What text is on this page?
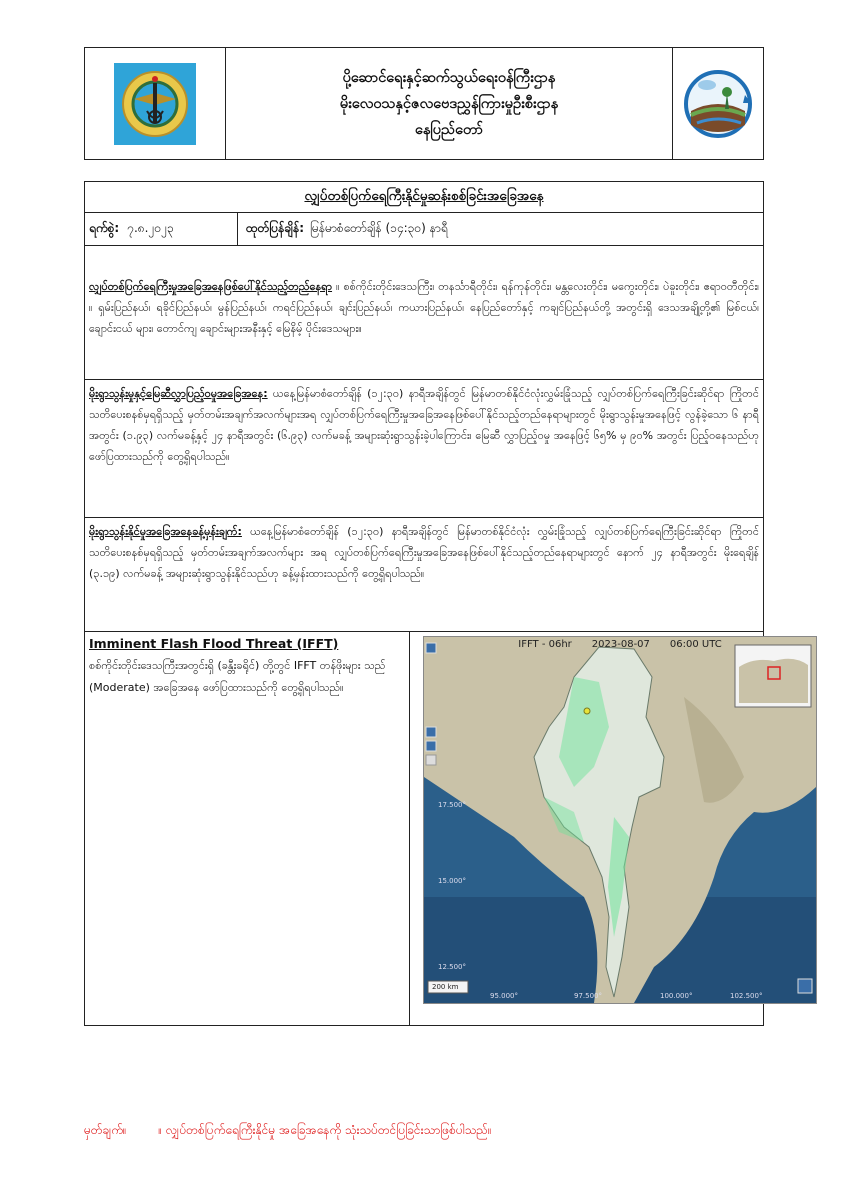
ပို့ဆောင်ရေးနှင့်ဆက်သွယ်ရေးဝန်ကြီးဌာန
မိုးလေဝသနှင့်ဇလဗေဒညွှန်ကြားမှုဦးစီးဌာန
နေပြည်တော်
လျှပ်တစ်ပြက်ရေကြီးနိုင်မှုဆန်းစစ်ခြင်းအခြေအနေ
ရက်စွဲ: ၇.၈.၂၀၂၃	ထုတ်ပြန်ချိန်: မြန်မာစံတော်ချိန် (၁၄:၃၀) နာရီ
လျှပ်တစ်ပြက်ရေကြီးမှုအခြေအနေဖြစ်ပေါ်နိုင်သည့်တည်နေရာ ။ စစ်ကိုင်းတိုင်းဒေသကြီး၊ တနင်္သာရီတိုင်း၊ ရန်ကုန်တိုင်း၊ မန္တလေးတိုင်း၊ မကွေးတိုင်း၊ ပဲခူးတိုင်း၊ ဧရာဝတီတိုင်း၊ ။ ရှမ်းပြည်နယ်၊ ရခိုင်ပြည်နယ်၊ မွန်ပြည်နယ်၊ ကရင်ပြည်နယ်၊ ချင်းပြည်နယ်၊ ကယားပြည်နယ်၊ နေပြည်တော်နှင့် ကချင်ပြည်နယ်တို့ အတွင်းရှိ ဒေသအချို့တို့၏ မြစ်ငယ်၊ ချောင်းငယ် များ၊ တောင်ကျ ချောင်းများအနီးနှင့် မြေနိမ့် ပိုင်းဒေသများ။
မိုးရွာသွန်းမှုနှင့်မြေဆီလွှာပြည့်ဝမှုအခြေအနေ: ယနေ့မြန်မာစံတော်ချိန် (၁၂:၃၀) နာရီအချိန်တွင် မြန်မာတစ်နိုင်ငံလုံးလွှမ်းခြုံသည့် လျှပ်တစ်ပြက်ရေကြီးခြင်းဆိုင်ရာ ကြိုတင်သတိပေးစနစ်မှရရှိသည့် မှတ်တမ်းအချက်အလက်များအရ လျှပ်တစ်ပြက်ရေကြီးမှုအခြေအနေဖြစ်ပေါ်နိုင်သည့်တည်နေရာများတွင် မိုးရွာသွန်းမှုအနေဖြင့် လွန်ခဲ့သော ၆ နာရီအတွင်း (၁.၉၃) လက်မခန့်နှင့် ၂၄ နာရီအတွင်း (၆.၉၃) လက်မခန့် အများဆုံးရွာသွန်းခဲ့ပါကြောင်း၊ မြေဆီ လွှာပြည့်ဝမှု အနေဖြင့် ၆၅% မှ ၉၀% အတွင်း ပြည့်ဝနေသည်ဟု ဖော်ပြထားသည်ကို တွေ့ရှိရပါသည်။
မိုးရွာသွန်းနိုင်မှုအခြေအနေခန့်မှန်းချက်: ယနေ့မြန်မာစံတော်ချိန် (၁၂:၃၀) နာရီအချိန်တွင် မြန်မာတစ်နိုင်ငံလုံး လွှမ်းခြုံသည့် လျှပ်တစ်ပြက်ရေကြီးခြင်းဆိုင်ရာ ကြိုတင်သတိပေးစနစ်မှရရှိသည့် မှတ်တမ်းအချက်အလက်များ အရ လျှပ်တစ်ပြက်ရေကြီးမှုအခြေအနေဖြစ်ပေါ်နိုင်သည့်တည်နေရာများတွင် နောက် ၂၄ နာရီအတွင်း မိုးရေချိန် (၃.၁၉) လက်မခန့် အများဆုံးရွာသွန်းနိုင်သည်ဟု ခန့်မှန်းထားသည်ကို တွေ့ရှိရပါသည်။
Imminent Flash Flood Threat (IFFT)
စစ်ကိုင်းတိုင်းဒေသကြီးအတွင်းရှိ (ခန္တီးခရိုင်) တို့တွင် IFFT တန်ဖိုးများ သည် (Moderate) အခြေအနေ ဖော်ပြထားသည်ကို တွေ့ရှိရပါသည်။
IFFT - 06hr 2023-08-07 06:00 UTC
17.500°
15.000°
12.500°
95.000°	97.500°	100.000°	102.500°
200 km
မှတ်ချက်။	။ လျှပ်တစ်ပြက်ရေကြီးနိုင်မှု အခြေအနေကို သုံးသပ်တင်ပြခြင်းသာဖြစ်ပါသည်။
